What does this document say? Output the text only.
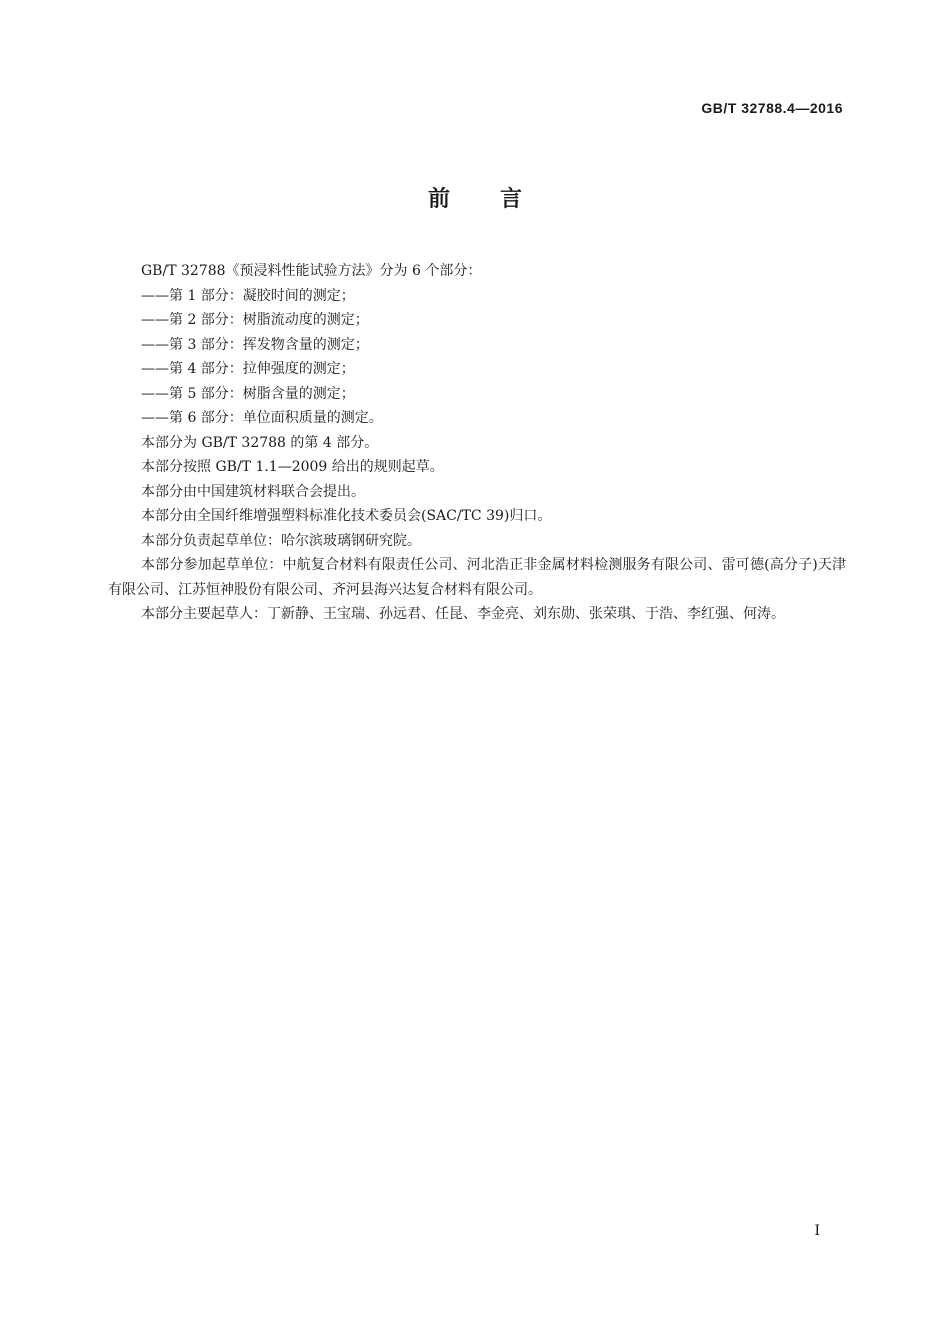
GB/T 32788.4—2016
前 言

GB/T 32788《预浸料性能试验方法》分为 6 个部分：

——第 1 部分：凝胶时间的测定；

——第 2 部分：树脂流动度的测定；

——第 3 部分：挥发物含量的测定；

——第 4 部分：拉伸强度的测定；

——第 5 部分：树脂含量的测定；

——第 6 部分：单位面积质量的测定。

本部分为 GB/T 32788 的第 4 部分。

本部分按照 GB/T 1.1—2009 给出的规则起草。

本部分由中国建筑材料联合会提出。

本部分由全国纤维增强塑料标准化技术委员会(SAC/TC 39)归口。

本部分负责起草单位：哈尔滨玻璃钢研究院。

本部分参加起草单位：中航复合材料有限责任公司、河北浩正非金属材料检测服务有限公司、雷可德(高分子)天津有限公司、江苏恒神股份有限公司、齐河县海兴达复合材料有限公司。

本部分主要起草人：丁新静、王宝瑞、孙远君、任昆、李金亮、刘东勋、张荣琪、于浩、李红强、何涛。

I
